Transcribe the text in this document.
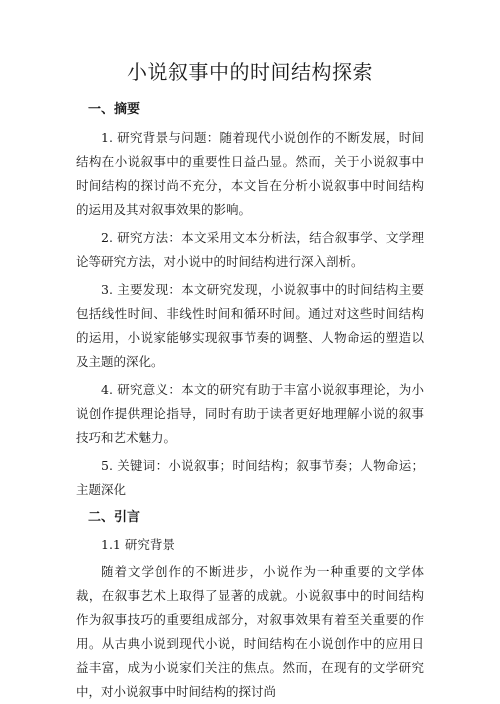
小说叙事中的时间结构探索
一、摘要
1. 研究背景与问题：随着现代小说创作的不断发展，时间结构在小说叙事中的重要性日益凸显。然而，关于小说叙事中时间结构的探讨尚不充分，本文旨在分析小说叙事中时间结构的运用及其对叙事效果的影响。
2. 研究方法：本文采用文本分析法，结合叙事学、文学理论等研究方法，对小说中的时间结构进行深入剖析。
3. 主要发现：本文研究发现，小说叙事中的时间结构主要包括线性时间、非线性时间和循环时间。通过对这些时间结构的运用，小说家能够实现叙事节奏的调整、人物命运的塑造以及主题的深化。
4. 研究意义：本文的研究有助于丰富小说叙事理论，为小说创作提供理论指导，同时有助于读者更好地理解小说的叙事技巧和艺术魅力。
5. 关键词：小说叙事；时间结构；叙事节奏；人物命运；主题深化
二、引言
1.1 研究背景
随着文学创作的不断进步，小说作为一种重要的文学体裁，在叙事艺术上取得了显著的成就。小说叙事中的时间结构作为叙事技巧的重要组成部分，对叙事效果有着至关重要的作用。从古典小说到现代小说，时间结构在小说创作中的应用日益丰富，成为小说家们关注的焦点。然而，在现有的文学研究中，对小说叙事中时间结构的探讨尚
